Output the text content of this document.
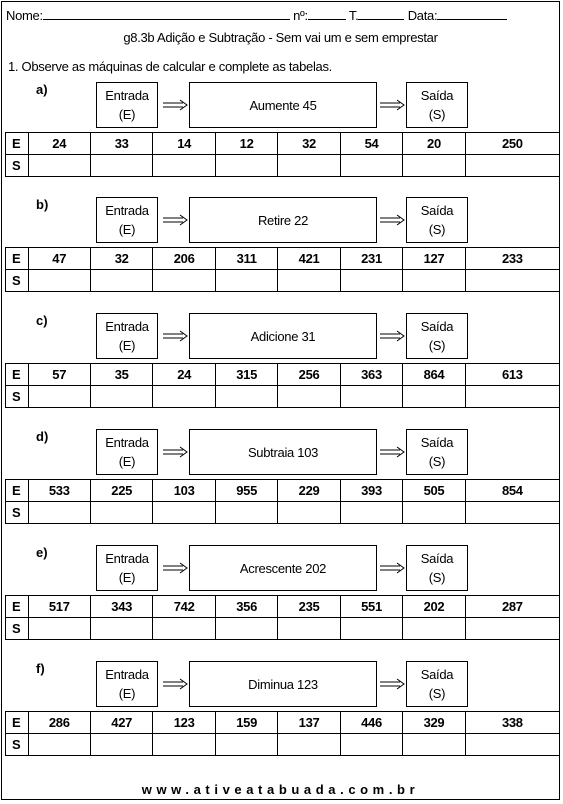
Nome:	nº:	T.	Data:
g8.3b Adição e Subtração - Sem vai um e sem emprestar
1. Observe as máquinas de calcular e complete as tabelas.
a)	Entrada
(E)
Aumente 45
Saída
(S)
E	24	33	14	12	32	54	20	250
S								
b)	Entrada
(E)
Retire 22
Saída
(S)
E	47	32	206	311	421	231	127	233
S								
c)	Entrada
(E)
Adicione 31
Saída
(S)
E	57	35	24	315	256	363	864	613
S								
d)	Entrada
(E)
Subtraia 103
Saída
(S)
E	533	225	103	955	229	393	505	854
S								
e)	Entrada
(E)
Acrescente 202
Saída
(S)
E	517	343	742	356	235	551	202	287
S								
f)	Entrada
(E)
Diminua 123
Saída
(S)
E	286	427	123	159	137	446	329	338
S								
www.ativeatabuada.com.br
